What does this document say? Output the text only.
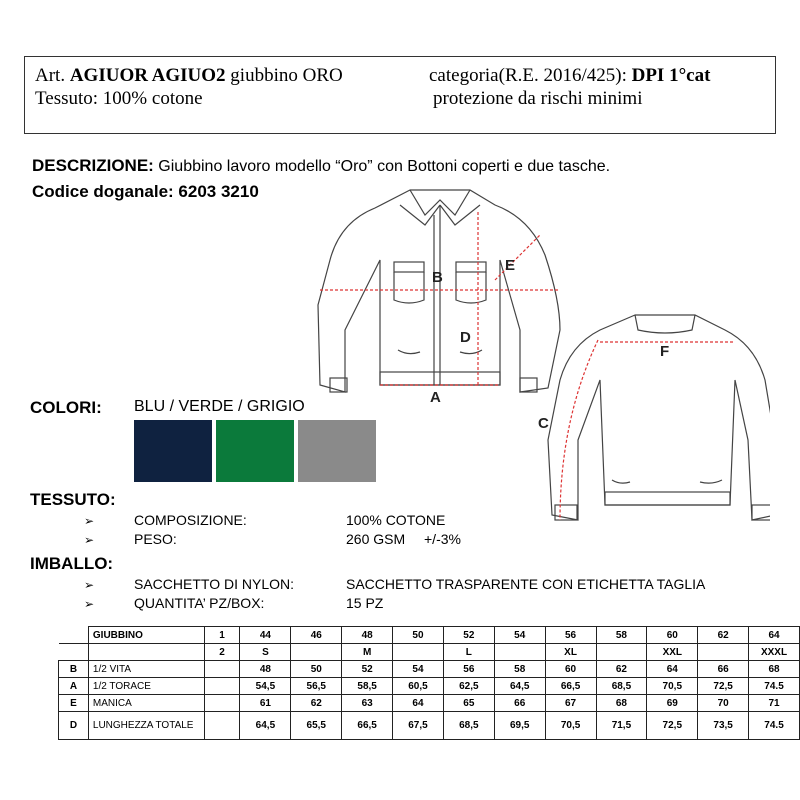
Art. AGIUOR AGIUO2 giubbino ORO
Tessuto: 100% cotone
categoria(R.E. 2016/425): DPI 1°cat
protezione da rischi minimi
DESCRIZIONE: Giubbino lavoro modello “Oro” con Bottoni coperti e due tasche.
Codice doganale: 6203 3210
A
B
C
D
E
F
COLORI: BLU / VERDE / GRIGIO
TESSUTO:
➢	COMPOSIZIONE:	100% COTONE
➢	PESO:	260 GSM +/-3%
IMBALLO:
➢	SACCHETTO DI NYLON:	SACCHETTO TRASPARENTE CON ETICHETTA TAGLIA
➢	QUANTITA’ PZ/BOX:	15 PZ
	GIUBBINO	1	44	46	48	50	52	54	56	58	60	62	64
		2	S		M		L		XL		XXL		XXXL
B	1/2 VITA		48	50	52	54	56	58	60	62	64	66	68
A	1/2 TORACE		54,5	56,5	58,5	60,5	62,5	64,5	66,5	68,5	70,5	72,5	74.5
E	MANICA		61	62	63	64	65	66	67	68	69	70	71
D	LUNGHEZZA TOTALE		64,5	65,5	66,5	67,5	68,5	69,5	70,5	71,5	72,5	73,5	74.5
